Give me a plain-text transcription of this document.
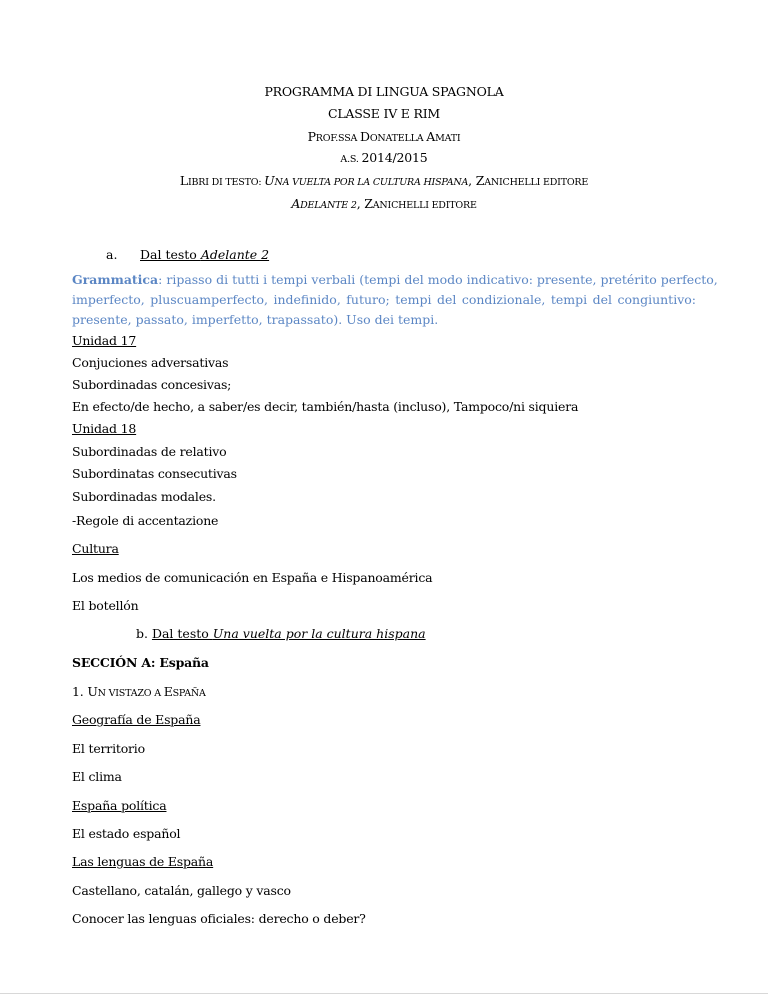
PROGRAMMA DI LINGUA SPAGNOLA
CLASSE IV E RIM
PROF.SSA DONATELLA AMATI
A.S. 2014/2015
LIBRI DI TESTO: UNA VUELTA POR LA CULTURA HISPANA, ZANICHELLI EDITORE
ADELANTE 2, ZANICHELLI EDITORE
a. Dal testo Adelante 2
Grammatica: ripasso di tutti i tempi verbali (tempi del modo indicativo: presente, pretérito perfecto,
imperfecto, pluscuamperfecto, indefinido, futuro; tempi del condizionale, tempi del congiuntivo:
presente, passato, imperfetto, trapassato). Uso dei tempi.
Unidad 17
Conjuciones adversativas
Subordinadas concesivas;
En efecto/de hecho, a saber/es decir, también/hasta (incluso), Tampoco/ni siquiera
Unidad 18
Subordinadas de relativo
Subordinatas consecutivas
Subordinadas modales.
-Regole di accentazione
Cultura
Los medios de comunicación en España e Hispanoamérica
El botellón
b. Dal testo Una vuelta por la cultura hispana
SECCIÓN A: España
1. UN VISTAZO A ESPAÑA
Geografía de España
El territorio
El clima
España política
El estado español
Las lenguas de España
Castellano, catalán, gallego y vasco
Conocer las lenguas oficiales: derecho o deber?
